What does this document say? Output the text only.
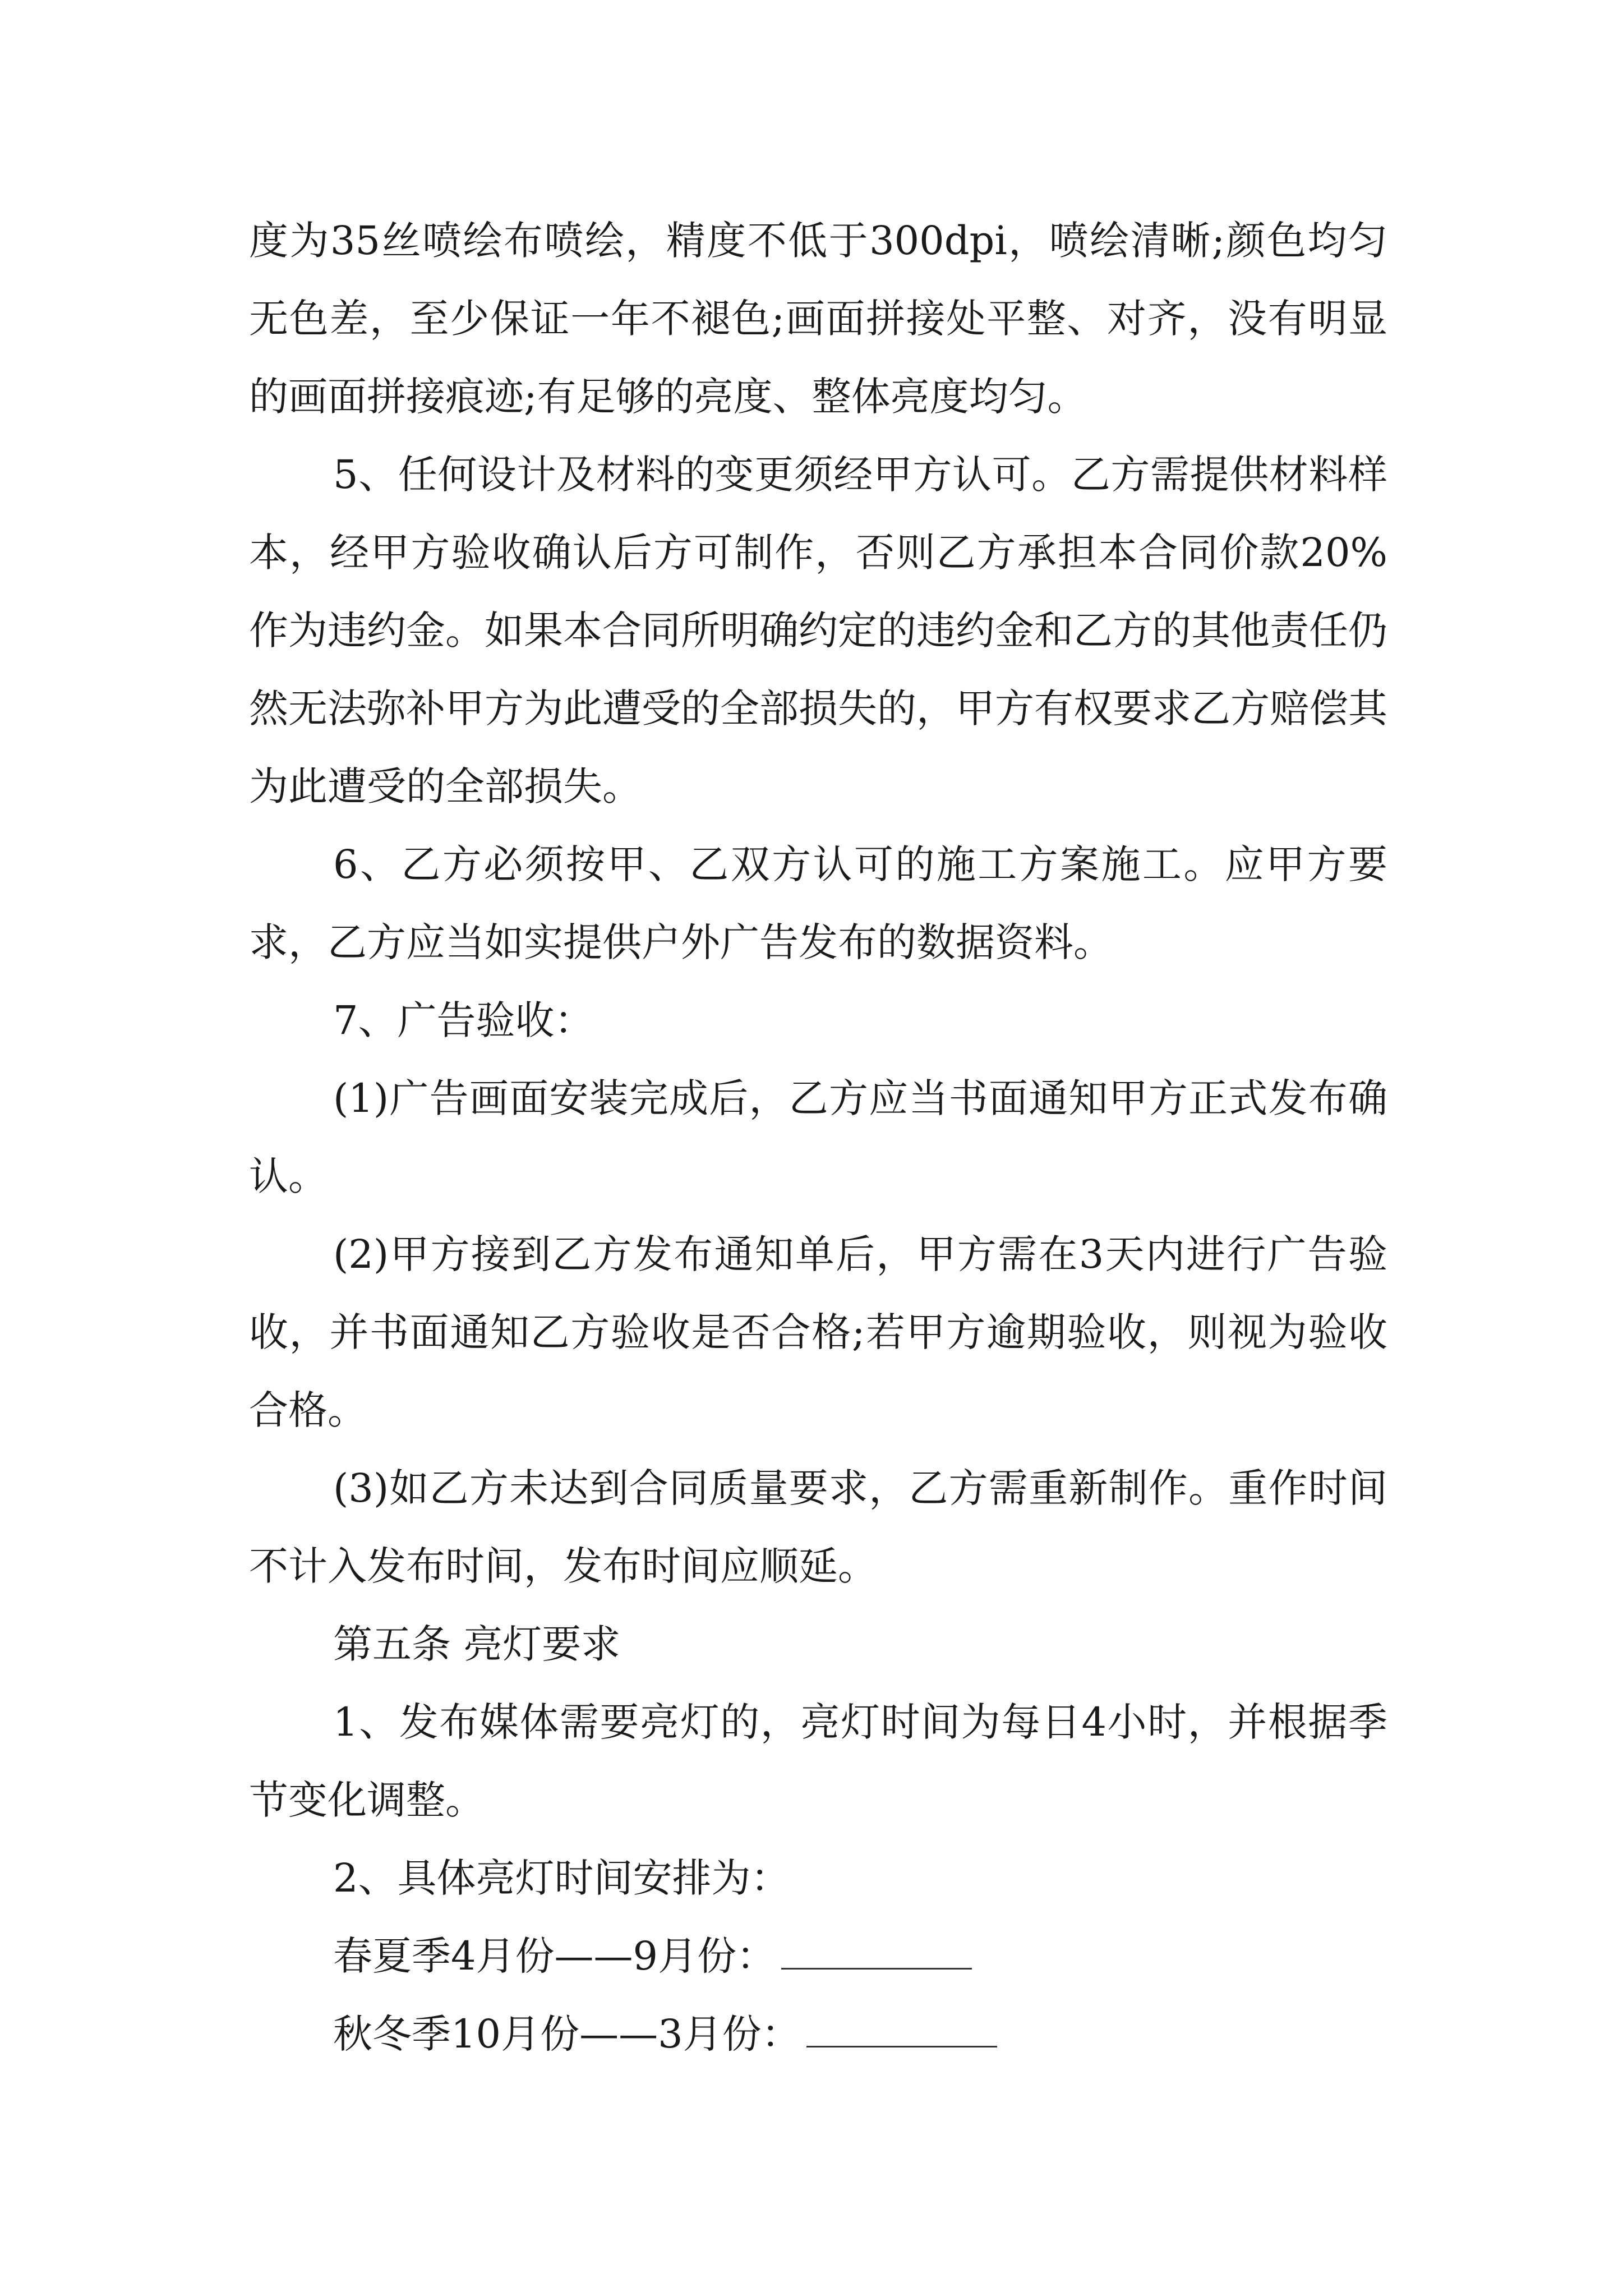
度为35丝喷绘布喷绘，精度不低于300dpi，喷绘清晰;颜色均匀无色差，至少保证一年不褪色;画面拼接处平整、对齐，没有明显的画面拼接痕迹;有足够的亮度、整体亮度均匀。

5、任何设计及材料的变更须经甲方认可。乙方需提供材料样本，经甲方验收确认后方可制作，否则乙方承担本合同价款20%作为违约金。如果本合同所明确约定的违约金和乙方的其他责任仍然无法弥补甲方为此遭受的全部损失的，甲方有权要求乙方赔偿其为此遭受的全部损失。

6、乙方必须按甲、乙双方认可的施工方案施工。应甲方要求，乙方应当如实提供户外广告发布的数据资料。

7、广告验收：

(1)广告画面安装完成后，乙方应当书面通知甲方正式发布确认。

(2)甲方接到乙方发布通知单后，甲方需在3天内进行广告验收，并书面通知乙方验收是否合格;若甲方逾期验收，则视为验收合格。

(3)如乙方未达到合同质量要求，乙方需重新制作。重作时间不计入发布时间，发布时间应顺延。

第五条 亮灯要求

1、发布媒体需要亮灯的，亮灯时间为每日4小时，并根据季节变化调整。

2、具体亮灯时间安排为：

春夏季4月份——9月份：

秋冬季10月份——3月份：
